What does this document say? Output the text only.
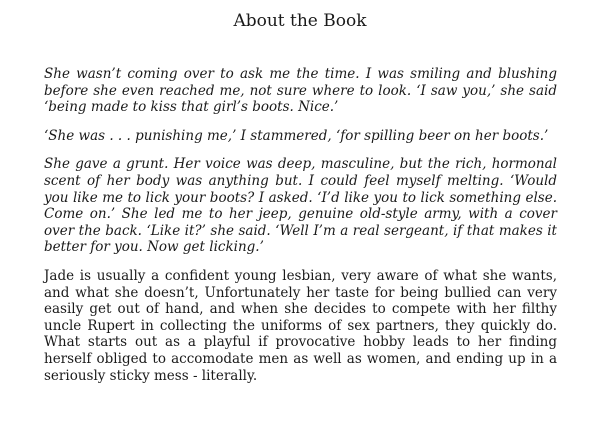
About the Book

She wasn’t coming over to ask me the time. I was smiling and blushing before she even reached me, not sure where to look. ‘I saw you,’ she said ‘being made to kiss that girl’s boots. Nice.’

‘She was . . . punishing me,’ I stammered, ‘for spilling beer on her boots.’

She gave a grunt. Her voice was deep, masculine, but the rich, hormonal scent of her body was anything but. I could feel myself melting. ‘Would you like me to lick your boots? I asked. ‘I’d like you to lick something else. Come on.’ She led me to her jeep, genuine old-style army, with a cover over the back. ‘Like it?’ she said. ‘Well I’m a real sergeant, if that makes it better for you. Now get licking.’

Jade is usually a confident young lesbian, very aware of what she wants, and what she doesn’t, Unfortunately her taste for being bullied can very easily get out of hand, and when she decides to compete with her filthy uncle Rupert in collecting the uniforms of sex partners, they quickly do. What starts out as a playful if provocative hobby leads to her finding herself obliged to accomodate men as well as women, and ending up in a seriously sticky mess - literally.
